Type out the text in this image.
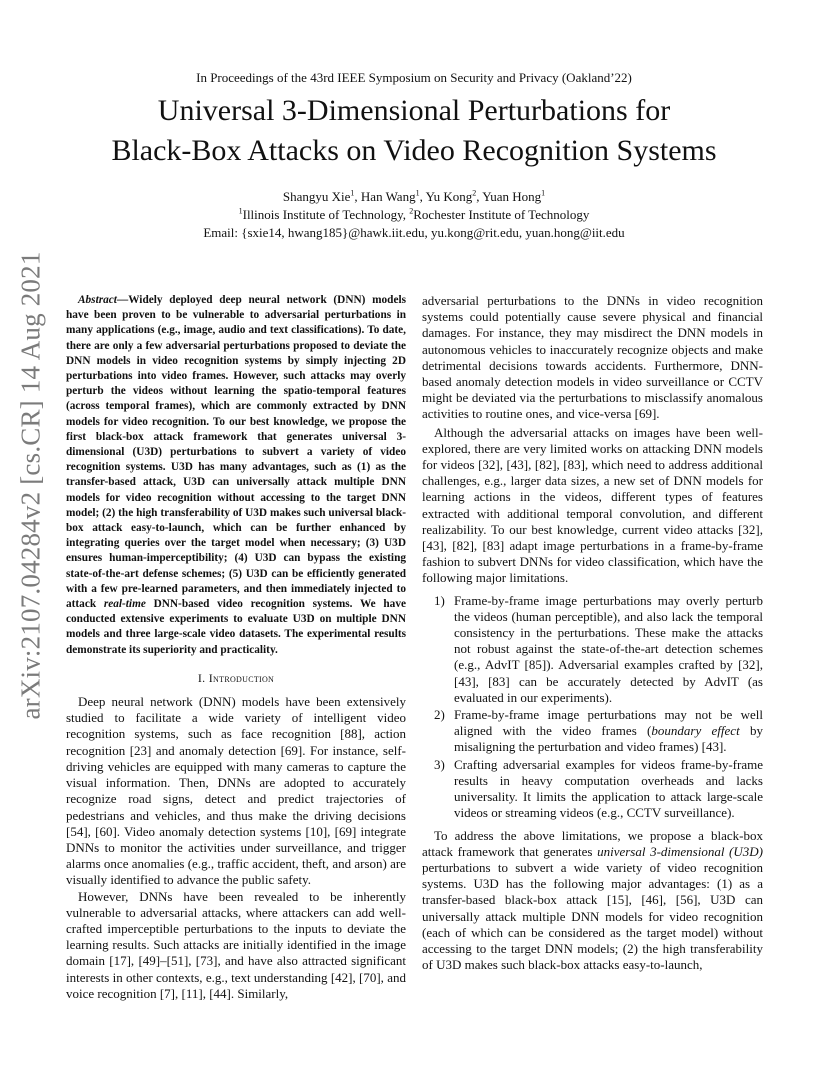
arXiv:2107.04284v2 [cs.CR] 14 Aug 2021
In Proceedings of the 43rd IEEE Symposium on Security and Privacy (Oakland’22)
Universal 3-Dimensional Perturbations for
Black-Box Attacks on Video Recognition Systems
Shangyu Xie$^1$, Han Wang$^1$, Yu Kong$^2$, Yuan Hong$^1$
$^1$Illinois Institute of Technology, $^2$Rochester Institute of Technology
Email: {sxie14, hwang185}@hawk.iit.edu, yu.kong@rit.edu, yuan.hong@iit.edu

Abstract—Widely deployed deep neural network (DNN) models have been proven to be vulnerable to adversarial perturbations in many applications (e.g., image, audio and text classifications). To date, there are only a few adversarial perturbations proposed to deviate the DNN models in video recognition systems by simply injecting 2D perturbations into video frames. However, such attacks may overly perturb the videos without learning the spatio-temporal features (across temporal frames), which are commonly extracted by DNN models for video recognition. To our best knowledge, we propose the first black-box attack framework that generates universal 3-dimensional (U3D) perturbations to subvert a variety of video recognition systems. U3D has many advantages, such as (1) as the transfer-based attack, U3D can universally attack multiple DNN models for video recognition without accessing to the target DNN model; (2) the high transferability of U3D makes such universal black-box attack easy-to-launch, which can be further enhanced by integrating queries over the target model when necessary; (3) U3D ensures human-imperceptibility; (4) U3D can bypass the existing state-of-the-art defense schemes; (5) U3D can be efficiently generated with a few pre-learned parameters, and then immediately injected to attack real-time DNN-based video recognition systems. We have conducted extensive experiments to evaluate U3D on multiple DNN models and three large-scale video datasets. The experimental results demonstrate its superiority and practicality.

I. Introduction

Deep neural network (DNN) models have been extensively studied to facilitate a wide variety of intelligent video recognition systems, such as face recognition [88], action recognition [23] and anomaly detection [69]. For instance, self-driving vehicles are equipped with many cameras to capture the visual information. Then, DNNs are adopted to accurately recognize road signs, detect and predict trajectories of pedestrians and vehicles, and thus make the driving decisions [54], [60]. Video anomaly detection systems [10], [69] integrate DNNs to monitor the activities under surveillance, and trigger alarms once anomalies (e.g., traffic accident, theft, and arson) are visually identified to advance the public safety.

However, DNNs have been revealed to be inherently vulnerable to adversarial attacks, where attackers can add well-crafted imperceptible perturbations to the inputs to deviate the learning results. Such attacks are initially identified in the image domain [17], [49]–[51], [73], and have also attracted significant interests in other contexts, e.g., text understanding [42], [70], and voice recognition [7], [11], [44]. Similarly,

adversarial perturbations to the DNNs in video recognition systems could potentially cause severe physical and financial damages. For instance, they may misdirect the DNN models in autonomous vehicles to inaccurately recognize objects and make detrimental decisions towards accidents. Furthermore, DNN-based anomaly detection models in video surveillance or CCTV might be deviated via the perturbations to misclassify anomalous activities to routine ones, and vice-versa [69].

Although the adversarial attacks on images have been well-explored, there are very limited works on attacking DNN models for videos [32], [43], [82], [83], which need to address additional challenges, e.g., larger data sizes, a new set of DNN models for learning actions in the videos, different types of features extracted with additional temporal convolution, and different realizability. To our best knowledge, current video attacks [32], [43], [82], [83] adapt image perturbations in a frame-by-frame fashion to subvert DNNs for video classification, which have the following major limitations.

1) Frame-by-frame image perturbations may overly perturb the videos (human perceptible), and also lack the temporal consistency in the perturbations. These make the attacks not robust against the state-of-the-art detection schemes (e.g., AdvIT [85]). Adversarial examples crafted by [32], [43], [83] can be accurately detected by AdvIT (as evaluated in our experiments).
2) Frame-by-frame image perturbations may not be well aligned with the video frames (boundary effect by misaligning the perturbation and video frames) [43].
3) Crafting adversarial examples for videos frame-by-frame results in heavy computation overheads and lacks universality. It limits the application to attack large-scale videos or streaming videos (e.g., CCTV surveillance).

To address the above limitations, we propose a black-box attack framework that generates universal 3-dimensional (U3D) perturbations to subvert a wide variety of video recognition systems. U3D has the following major advantages: (1) as a transfer-based black-box attack [15], [46], [56], U3D can universally attack multiple DNN models for video recognition (each of which can be considered as the target model) without accessing to the target DNN models; (2) the high transferability of U3D makes such black-box attacks easy-to-launch,
